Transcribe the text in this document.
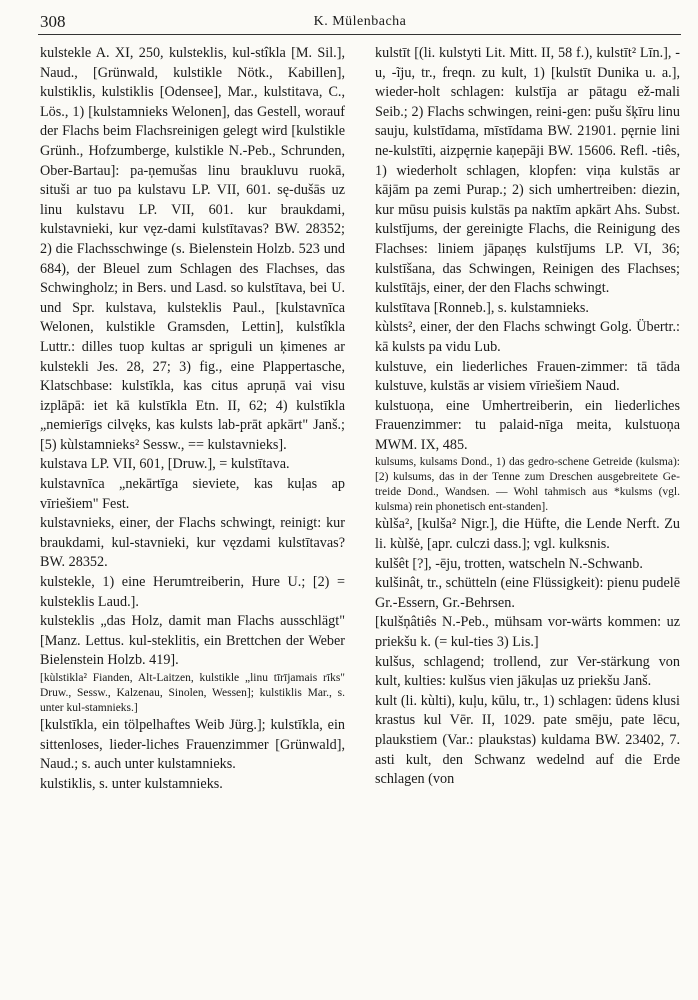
308	K. Mülenbacha

kulstekle A. XI, 250, kulsteklis, kul-stîkla [M. Sil.], Naud., [Grünwald, kulstikle Nötk., Kabillen], kulstiklis, kulstiklis [Odensee], Mar., kulstitava, C., Lös., 1) [kulstamnieks Welonen], das Gestell, worauf der Flachs beim Flachsreinigen gelegt wird [kulstikle Grünh., Hofzumberge, kulstikle N.-Peb., Schrunden, Ober-Bartau]: pa-ņemušas linu braukluvu ruokā, situši ar tuo pa kulstavu LP. VII, 601. sę-dušās uz linu kulstavu LP. VII, 601. kur braukdami, kulstavnieki, kur vęz-dami kulstītavas? BW. 28352; 2) die Flachsschwinge (s. Bielenstein Holzb. 523 und 684), der Bleuel zum Schlagen des Flachses, das Schwingholz; in Bers. und Lasd. so kulstītava, bei U. und Spr. kulstava, kulsteklis Paul., [kulstavnīca Welonen, kulstikle Gramsden, Lettin], kulstîkla Luttr.: dilles tuop kultas ar spriguli un ķimenes ar kulstekli Jes. 28, 27; 3) fig., eine Plappertasche, Klatschbase: kulstīkla, kas citus apruņā vai visu izplāpā: iet kā kulstīkla Etn. II, 62; 4) kulstīkla „nemierīgs cilvęks, kas kulsts lab-prāt apkārt" Janš.; [5) kùlstamnieks² Sessw., == kulstavnieks].

kulstava LP. VII, 601, [Druw.], = kulstītava.

kulstavnīca „nekārtīga sieviete, kas kuļas ap vīriešiem" Fest.

kulstavnieks, einer, der Flachs schwingt, reinigt: kur braukdami, kul-stavnieki, kur vęzdami kulstītavas? BW. 28352.

kulstekle, 1) eine Herumtreiberin, Hure U.; [2) = kulsteklis Laud.].

kulsteklis „das Holz, damit man Flachs ausschlägt" [Manz. Lettus. kul-steklitis, ein Brettchen der Weber Bielenstein Holzb. 419].

[kùlstikla² Fianden, Alt-Laitzen, kulstikle „linu tīrījamais rīks" Druw., Sessw., Kalzenau, Sinolen, Wessen]; kulstiklis Mar., s. unter kul-stamnieks.]

[kulstīkla, ein tölpelhaftes Weib Jürg.]; kulstīkla, ein sittenloses, lieder-liches Frauenzimmer [Grünwald], Naud.; s. auch unter kulstamnieks.

kulstiklis, s. unter kulstamnieks.

kulstīt [(li. kulstyti Lit. Mitt. II, 58 f.), kulstīt² Līn.], -u, -ĩju, tr., freqn. zu kult, 1) [kulstīt Dunika u. a.], wieder-holt schlagen: kulstīja ar pātagu ež-mali Seib.; 2) Flachs schwingen, reini-gen: pušu šķīru linu sauju, kulstīdama, mīstīdama BW. 21901. pęrnie lini ne-kulstīti, aizpęrnie kaņepāji BW. 15606. Refl. -tiês, 1) wiederholt schlagen, klopfen: viņa kulstās ar kājām pa zemi Purap.; 2) sich umhertreiben: diezin, kur mūsu puisis kulstās pa naktīm apkārt Ahs. Subst. kulstījums, der gereinigte Flachs, die Reinigung des Flachses: liniem jāpaņęs kulstījums LP. VI, 36; kulstīšana, das Schwingen, Reinigen des Flachses; kulstītājs, einer, der den Flachs schwingt.

kulstītava [Ronneb.], s. kulstamnieks.

kùlsts², einer, der den Flachs schwingt Golg. Übertr.: kā kulsts pa vidu Lub.

kulstuve, ein liederliches Frauen-zimmer: tā tāda kulstuve, kulstās ar visiem vīriešiem Naud.

kulstuoņa, eine Umhertreiberin, ein liederliches Frauenzimmer: tu palaid-nīga meita, kulstuoņa MWM. IX, 485.

kulsums, kulsams Dond., 1) das gedro-schene Getreide (kulsma): [2) kulsums, das in der Tenne zum Dreschen ausgebreitete Ge-treide Dond., Wandsen. — Wohl tahmisch aus *kulsms (vgl. kulsma) rein phonetisch ent-standen].

kùlša², [kulša² Nigr.], die Hüfte, die Lende Nerft. Zu li. kùlšė, [apr. culczi dass.]; vgl. kulksnis.

kulšêt [?], -ēju, trotten, watscheln N.-Schwanb.

kulšinât, tr., schütteln (eine Flüssigkeit): pienu pudelē Gr.-Essern, Gr.-Behrsen.

[kulšņâtiês N.-Peb., mühsam vor-wärts kommen: uz priekšu k. (= kul-ties 3) Lis.]

kulšus, schlagend; trollend, zur Ver-stärkung von kult, kulties: kulšus vien jākuļas uz priekšu Janš.

kult (li. kùlti), kuļu, kūlu, tr., 1) schlagen: ūdens klusi krastus kul Vēr. II, 1029. pate smēju, pate lēcu, plaukstiem (Var.: plaukstas) kuldama BW. 23402, 7. asti kult, den Schwanz wedelnd auf die Erde schlagen (von
